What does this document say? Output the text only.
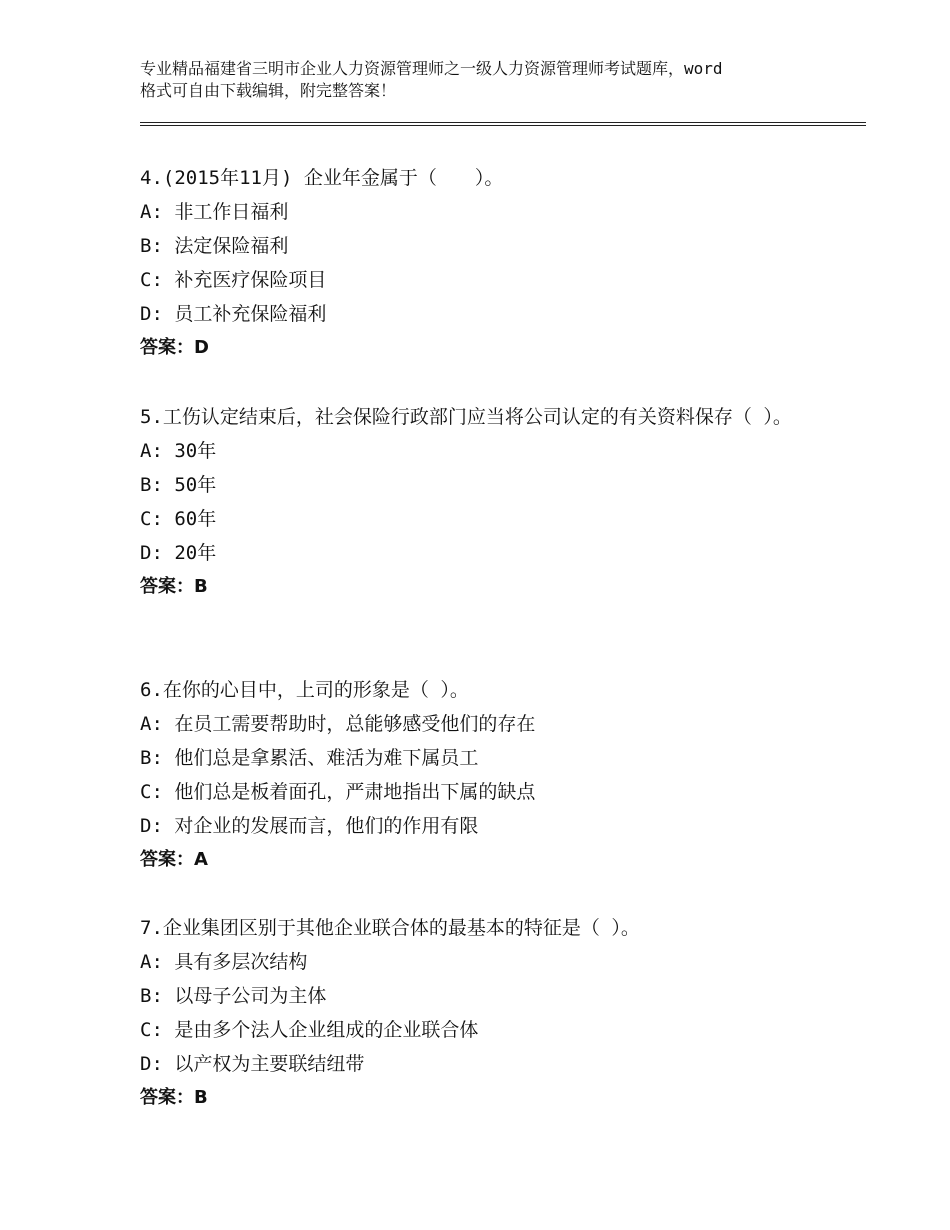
专业精品福建省三明市企业人力资源管理师之一级人力资源管理师考试题库，word
格式可自由下载编辑，附完整答案！

4.(2015年11月) 企业年金属于（　　）。

A: 非工作日福利

B: 法定保险福利

C: 补充医疗保险项目

D: 员工补充保险福利

答案：D

5.工伤认定结束后，社会保险行政部门应当将公司认定的有关资料保存（ ）。

A: 30年

B: 50年

C: 60年

D: 20年

答案：B

6.在你的心目中，上司的形象是（ ）。

A: 在员工需要帮助时，总能够感受他们的存在

B: 他们总是拿累活、难活为难下属员工

C: 他们总是板着面孔，严肃地指出下属的缺点

D: 对企业的发展而言，他们的作用有限

答案：A

7.企业集团区别于其他企业联合体的最基本的特征是（ ）。

A: 具有多层次结构

B: 以母子公司为主体

C: 是由多个法人企业组成的企业联合体

D: 以产权为主要联结纽带

答案：B
